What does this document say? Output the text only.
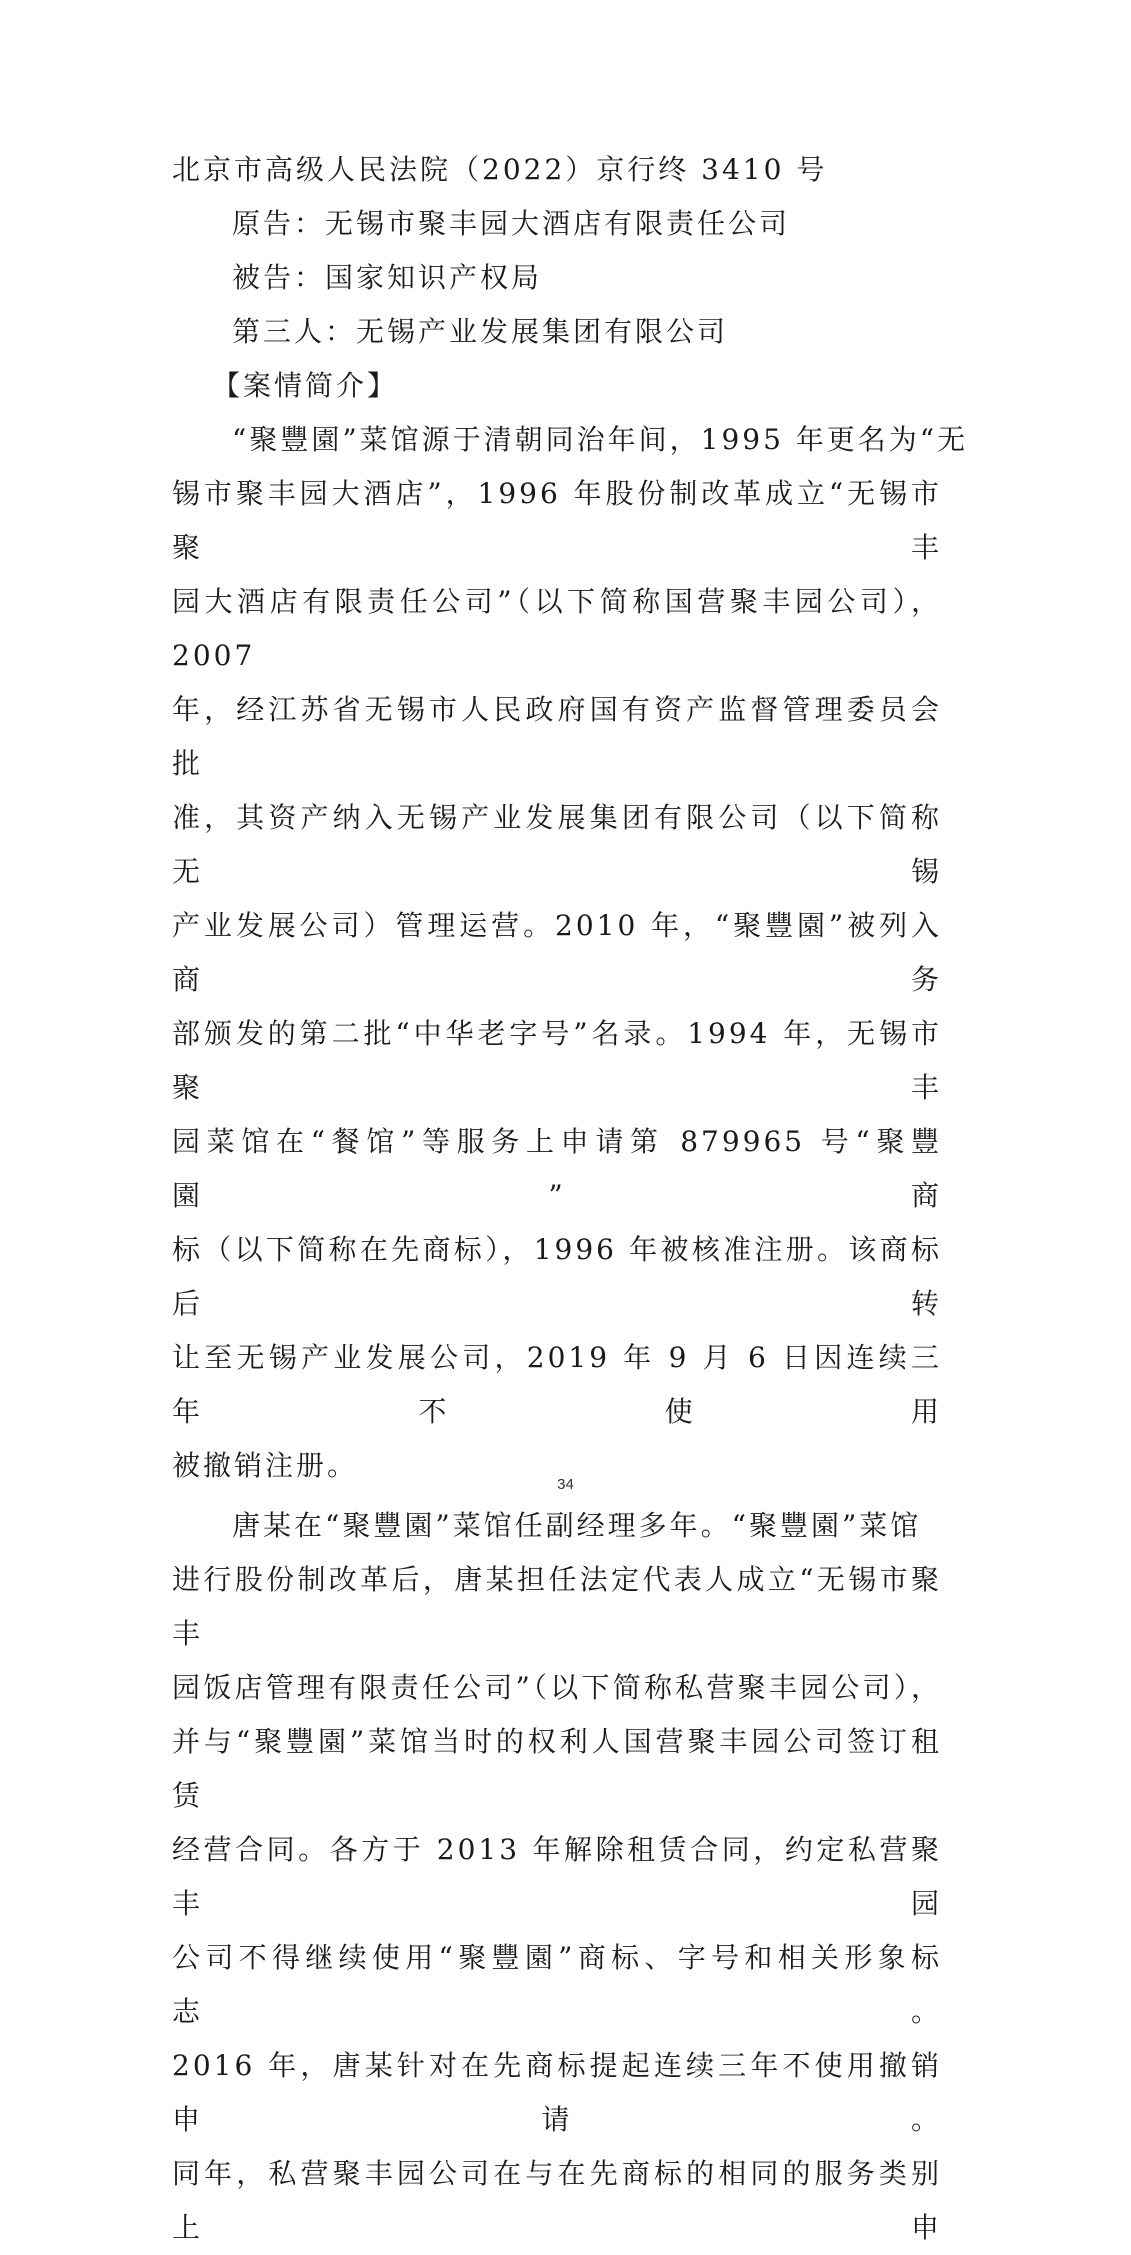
北京市高级人民法院（2022）京行终 3410 号

原告：无锡市聚丰园大酒店有限责任公司

被告：国家知识产权局

第三人：无锡产业发展集团有限公司

【案情简介】

“聚豐園”菜馆源于清朝同治年间，1995 年更名为“无
锡市聚丰园大酒店”，1996 年股份制改革成立“无锡市聚丰
园大酒店有限责任公司”（以下简称国营聚丰园公司），2007
年，经江苏省无锡市人民政府国有资产监督管理委员会批
准，其资产纳入无锡产业发展集团有限公司（以下简称无锡
产业发展公司）管理运营。2010 年，“聚豐園”被列入商务
部颁发的第二批“中华老字号”名录。1994 年，无锡市聚丰
园菜馆在“餐馆”等服务上申请第 879965 号“聚豐園”商
标（以下简称在先商标），1996 年被核准注册。该商标后转
让至无锡产业发展公司，2019 年 9 月 6 日因连续三年不使用
被撤销注册。
唐某在“聚豐園”菜馆任副经理多年。“聚豐園”菜馆
进行股份制改革后，唐某担任法定代表人成立“无锡市聚丰
园饭店管理有限责任公司”（以下简称私营聚丰园公司），
并与“聚豐園”菜馆当时的权利人国营聚丰园公司签订租赁
经营合同。各方于 2013 年解除租赁合同，约定私营聚丰园
公司不得继续使用“聚豐園”商标、字号和相关形象标志。
2016 年，唐某针对在先商标提起连续三年不使用撤销申请。
同年，私营聚丰园公司在与在先商标的相同的服务类别上申
34
